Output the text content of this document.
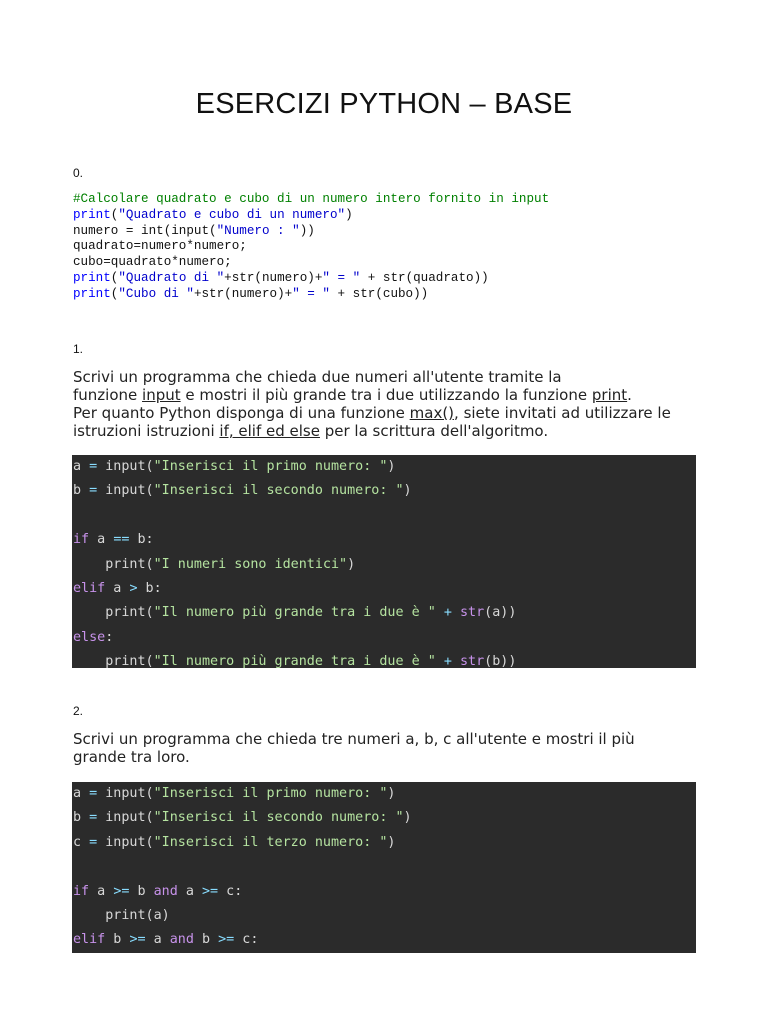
ESERCIZI PYTHON – BASE
0.
#Calcolare quadrato e cubo di un numero intero fornito in input
print("Quadrato e cubo di un numero")
numero = int(input("Numero : "))
quadrato=numero*numero;
cubo=quadrato*numero;
print("Quadrato di "+str(numero)+" = " + str(quadrato))
print("Cubo di "+str(numero)+" = " + str(cubo))
1.
Scrivi un programma che chieda due numeri all'utente tramite la
funzione input e mostri il più grande tra i due utilizzando la funzione print.
Per quanto Python disponga di una funzione max(), siete invitati ad utilizzare le
istruzioni istruzioni if, elif ed else per la scrittura dell'algoritmo.
a = input("Inserisci il primo numero: ")
b = input("Inserisci il secondo numero: ")

if a == b:
print("I numeri sono identici")
elif a > b:
print("Il numero più grande tra i due è " + str(a))
else:
print("Il numero più grande tra i due è " + str(b))
2.
Scrivi un programma che chieda tre numeri a, b, c all'utente e mostri il più
grande tra loro.
a = input("Inserisci il primo numero: ")
b = input("Inserisci il secondo numero: ")
c = input("Inserisci il terzo numero: ")

if a >= b and a >= c:
print(a)
elif b >= a and b >= c:
